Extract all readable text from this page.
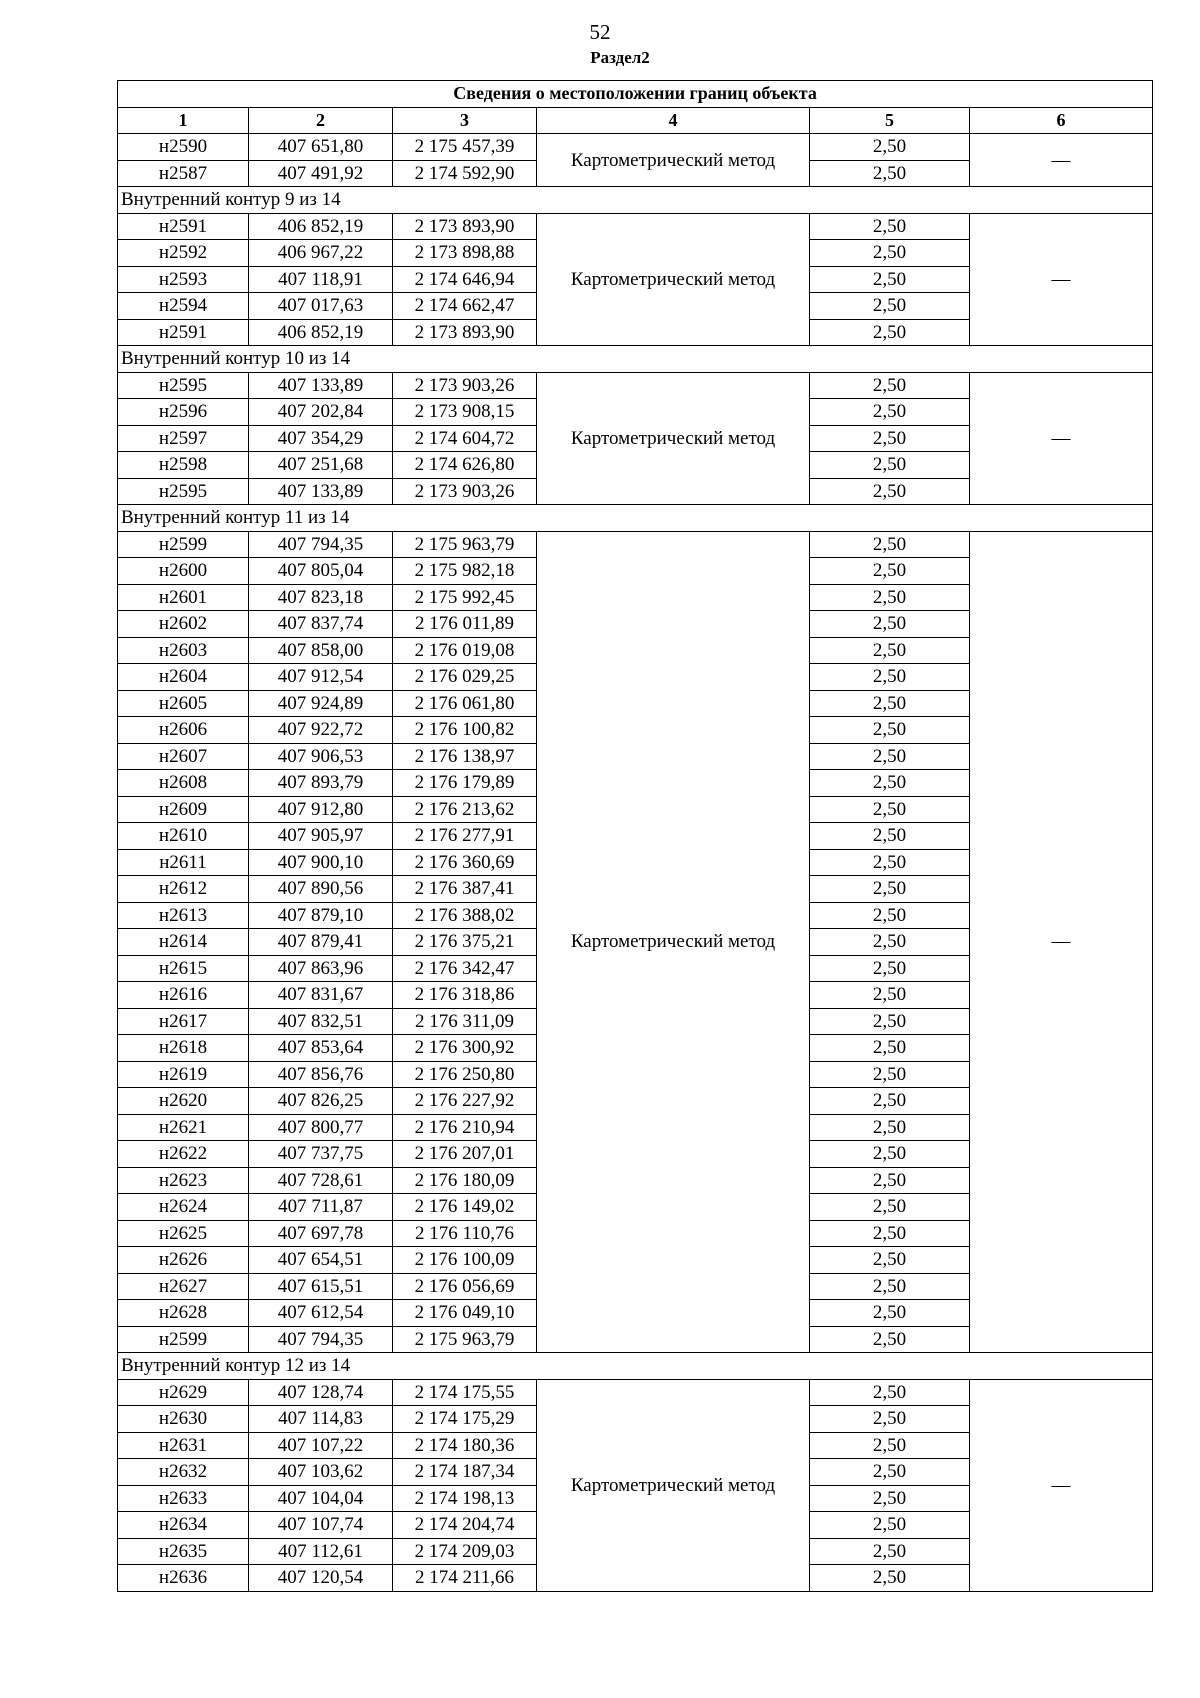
52
Раздел2
Сведения о местоположении границ объекта					
1	2	3	4	5	6
н2590	407 651,80	2 175 457,39	Картометрический метод	2,50	—
н2587	407 491,92	2 174 592,90		2,50	
Внутренний контур 9 из 14					
н2591	406 852,19	2 173 893,90	Картометрический метод	2,50	—
н2592	406 967,22	2 173 898,88		2,50	
н2593	407 118,91	2 174 646,94		2,50	
н2594	407 017,63	2 174 662,47		2,50	
н2591	406 852,19	2 173 893,90		2,50	
Внутренний контур 10 из 14					
н2595	407 133,89	2 173 903,26	Картометрический метод	2,50	—
н2596	407 202,84	2 173 908,15		2,50	
н2597	407 354,29	2 174 604,72		2,50	
н2598	407 251,68	2 174 626,80		2,50	
н2595	407 133,89	2 173 903,26		2,50	
Внутренний контур 11 из 14					
н2599	407 794,35	2 175 963,79	Картометрический метод	2,50	—
н2600	407 805,04	2 175 982,18		2,50	
н2601	407 823,18	2 175 992,45		2,50	
н2602	407 837,74	2 176 011,89		2,50	
н2603	407 858,00	2 176 019,08		2,50	
н2604	407 912,54	2 176 029,25		2,50	
н2605	407 924,89	2 176 061,80		2,50	
н2606	407 922,72	2 176 100,82		2,50	
н2607	407 906,53	2 176 138,97		2,50	
н2608	407 893,79	2 176 179,89		2,50	
н2609	407 912,80	2 176 213,62		2,50	
н2610	407 905,97	2 176 277,91		2,50	
н2611	407 900,10	2 176 360,69		2,50	
н2612	407 890,56	2 176 387,41		2,50	
н2613	407 879,10	2 176 388,02		2,50	
н2614	407 879,41	2 176 375,21		2,50	
н2615	407 863,96	2 176 342,47		2,50	
н2616	407 831,67	2 176 318,86		2,50	
н2617	407 832,51	2 176 311,09		2,50	
н2618	407 853,64	2 176 300,92		2,50	
н2619	407 856,76	2 176 250,80		2,50	
н2620	407 826,25	2 176 227,92		2,50	
н2621	407 800,77	2 176 210,94		2,50	
н2622	407 737,75	2 176 207,01		2,50	
н2623	407 728,61	2 176 180,09		2,50	
н2624	407 711,87	2 176 149,02		2,50	
н2625	407 697,78	2 176 110,76		2,50	
н2626	407 654,51	2 176 100,09		2,50	
н2627	407 615,51	2 176 056,69		2,50	
н2628	407 612,54	2 176 049,10		2,50	
н2599	407 794,35	2 175 963,79		2,50	
Внутренний контур 12 из 14					
н2629	407 128,74	2 174 175,55	Картометрический метод	2,50	—
н2630	407 114,83	2 174 175,29		2,50	
н2631	407 107,22	2 174 180,36		2,50	
н2632	407 103,62	2 174 187,34		2,50	
н2633	407 104,04	2 174 198,13		2,50	
н2634	407 107,74	2 174 204,74		2,50	
н2635	407 112,61	2 174 209,03		2,50	
н2636	407 120,54	2 174 211,66		2,50	
